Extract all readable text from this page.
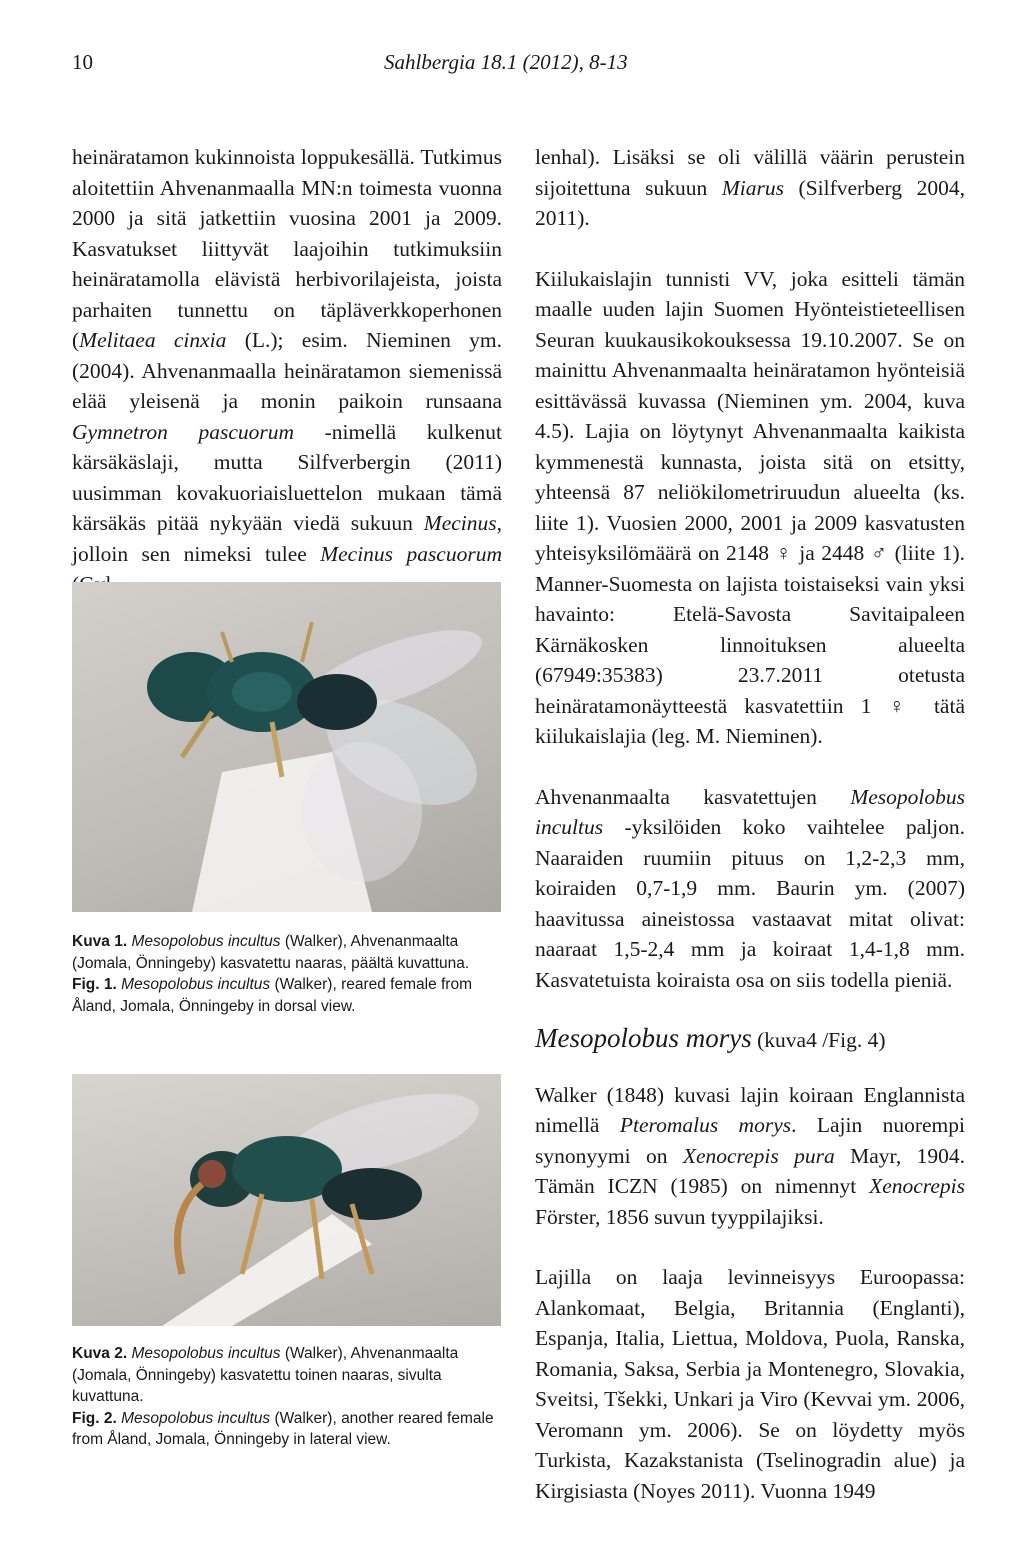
10	Sahlbergia 18.1 (2012), 8-13

heinäratamon kukinnoista loppukesällä. Tutkimus aloitettiin Ahvenanmaalla MN:n toimesta vuonna 2000 ja sitä jatkettiin vuosina 2001 ja 2009. Kasvatukset liittyvät laajoihin tutkimuksiin heinäratamolla elävistä herbivorilajeista, joista parhaiten tunnettu on täpläverkkoperhonen (Melitaea cinxia (L.); esim. Nieminen ym. (2004). Ahvenanmaalla heinäratamon siemenissä elää yleisenä ja monin paikoin runsaana Gymnetron pascuorum -nimellä kulkenut kärsäkäslaji, mutta Silfverbergin (2011) uusimman kovakuoriaisluettelon mukaan tämä kärsäkäs pitää nykyään viedä sukuun Mecinus, jolloin sen nimeksi tulee Mecinus pascuorum

Kuva 1. Mesopolobus incultus (Walker), Ahvenanmaalta (Jomala, Önningeby) kasvatettu naaras, päältä kuvattuna.

Fig. 1. Mesopolobus incultus (Walker), reared female from Åland, Jomala, Önningeby in dorsal view.

Kuva 2. Mesopolobus incultus (Walker), Ahvenanmaalta (Jomala, Önningeby) kasvatettu toinen naaras, sivulta kuvattuna.

Fig. 2. Mesopolobus incultus (Walker), another reared female from Åland, Jomala, Önningeby in lateral view.

lenhal). Lisäksi se oli välillä väärin perustein sijoitettuna sukuun Miarus (Silfverberg 2004, 2011).

Kiilukaislajin tunnisti VV, joka esitteli tämän maalle uuden lajin Suomen Hyönteistieteellisen Seuran kuukausikokouksessa 19.10.2007. Se on mainittu Ahvenanmaalta heinäratamon hyönteisiä esittävässä kuvassa (Nieminen ym. 2004, kuva 4.5). Lajia on löytynyt Ahvenanmaalta kaikista kymmenestä kunnasta, joista sitä on etsitty, yhteensä 87 neliökilometriruudun alueelta (ks. liite 1). Vuosien 2000, 2001 ja 2009 kasvatusten yhteisyksilömäärä on 2148 ♀ ja 2448 ♂ (liite 1). Manner-Suomesta on lajista toistaiseksi vain yksi havainto: Etelä-Savosta Savitaipaleen Kärnäkosken linnoituksen alueelta (67949:35383) 23.7.2011 otetusta heinäratamonäytteestä kasvatettiin 1 ♀ tätä kiilukaislajia (leg. M. Nieminen).

Ahvenanmaalta kasvatettujen Mesopolobus incultus -yksilöiden koko vaihtelee paljon. Naaraiden ruumiin pituus on 1,2-2,3 mm, koiraiden 0,7-1,9 mm. Baurin ym. (2007) haavitussa aineistossa vastaavat mitat olivat: naaraat 1,5-2,4 mm ja koiraat 1,4-1,8 mm. Kasvatetuista koiraista osa on siis todella pieniä.

Mesopolobus morys (kuva4 /Fig. 4)

Walker (1848) kuvasi lajin koiraan Englannista nimellä Pteromalus morys. Lajin nuorempi synonyymi on Xenocrepis pura Mayr, 1904. Tämän ICZN (1985) on nimennyt Xenocrepis Förster, 1856 suvun tyyppilajiksi.

Lajilla on laaja levinneisyys Euroopassa: Alankomaat, Belgia, Britannia (Englanti), Espanja, Italia, Liettua, Moldova, Puola, Ranska, Romania, Saksa, Serbia ja Montenegro, Slovakia, Sveitsi, Tšekki, Unkari ja Viro (Kevvai ym. 2006, Veromann ym. 2006). Se on löydetty myös Turkista, Kazakstanista (Tselinogradin alue) ja Kirgisiasta (Noyes 2011). Vuonna 1949
